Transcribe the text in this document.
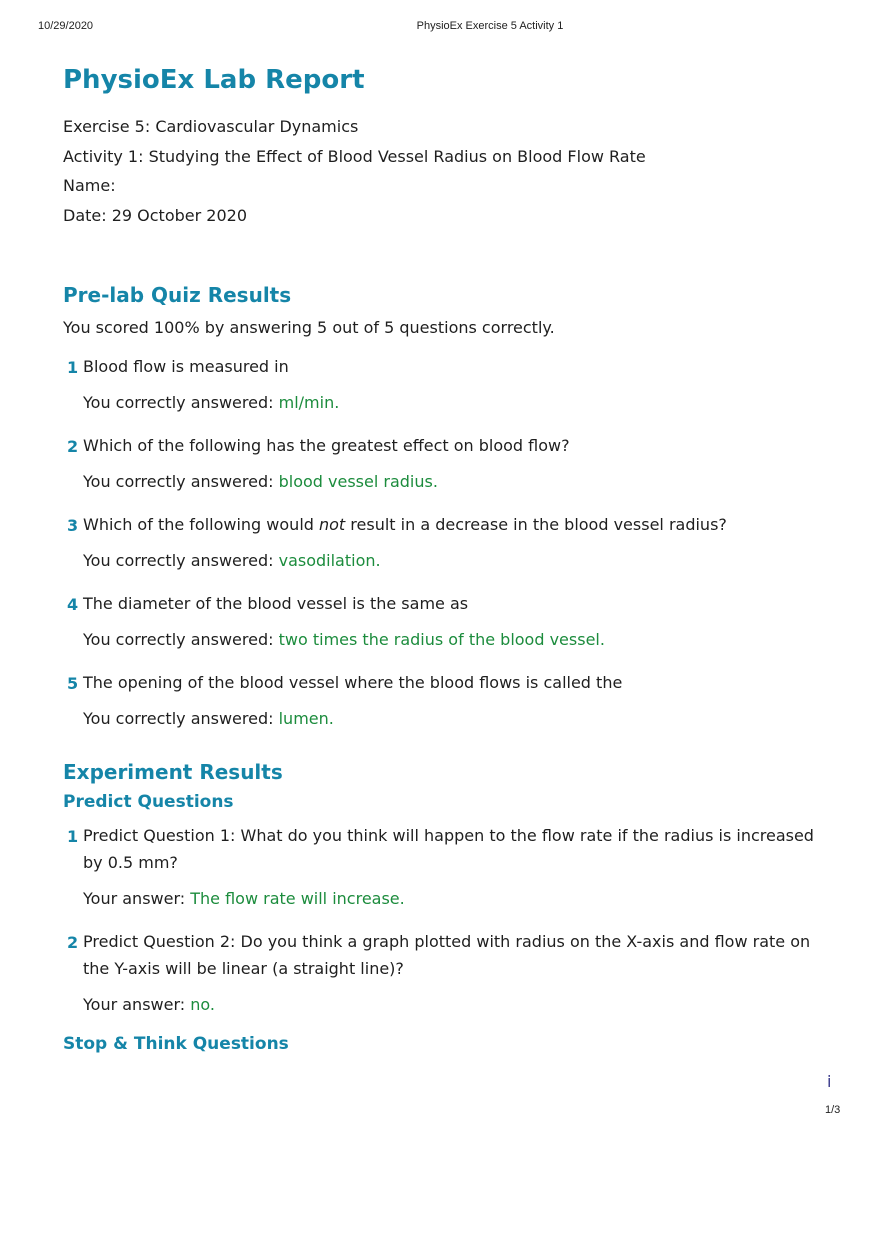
10/29/2020	PhysioEx Exercise 5 Activity 1
PhysioEx Lab Report
Exercise 5: Cardiovascular Dynamics
Activity 1: Studying the Effect of Blood Vessel Radius on Blood Flow Rate
Name:
Date: 29 October 2020
Pre-lab Quiz Results
You scored 100% by answering 5 out of 5 questions correctly.
1 Blood flow is measured in
You correctly answered: ml/min.
2 Which of the following has the greatest effect on blood flow?
You correctly answered: blood vessel radius.
3 Which of the following would not result in a decrease in the blood vessel radius?
You correctly answered: vasodilation.
4 The diameter of the blood vessel is the same as
You correctly answered: two times the radius of the blood vessel.
5 The opening of the blood vessel where the blood flows is called the
You correctly answered: lumen.
Experiment Results
Predict Questions
1 Predict Question 1: What do you think will happen to the flow rate if the radius is increased by 0.5 mm?
Your answer: The flow rate will increase.
2 Predict Question 2: Do you think a graph plotted with radius on the X-axis and flow rate on the Y-axis will be linear (a straight line)?
Your answer: no.
Stop & Think Questions
i
1/3
